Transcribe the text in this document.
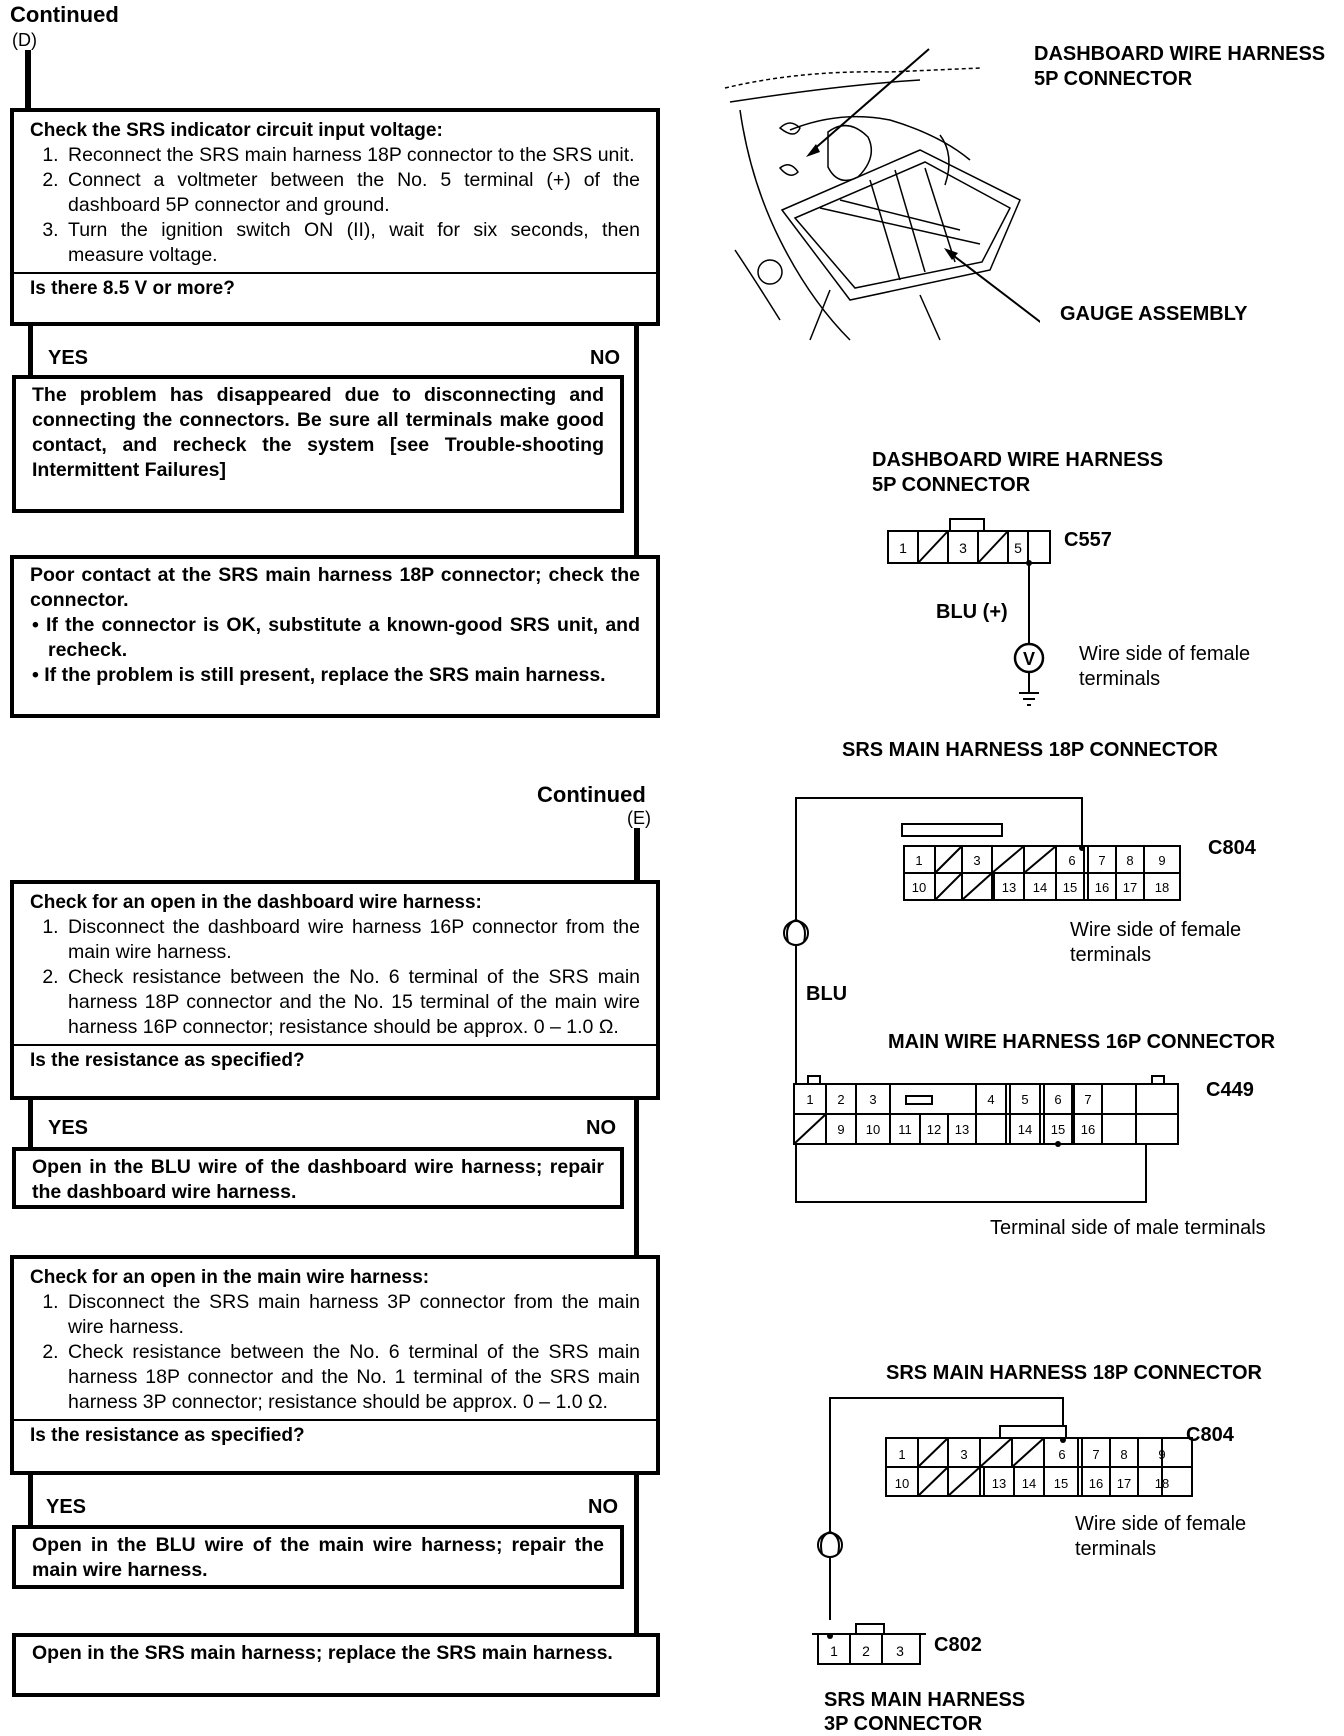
Continued
(D)
Check the SRS indicator circuit input voltage:
1. Reconnect the SRS main harness 18P connector to the SRS unit.
2. Connect a voltmeter between the No. 5 terminal (+) of the dashboard 5P connector and ground.
3. Turn the ignition switch ON (II), wait for six seconds, then measure voltage.
Is there 8.5 V or more?
YES	NO
The problem has disappeared due to disconnecting and connecting the connectors. Be sure all terminals make good contact, and recheck the system [see Trouble-shooting Intermittent Failures]
Poor contact at the SRS main harness 18P connector; check the connector.
• If the connector is OK, substitute a known-good SRS unit, and recheck.
• If the problem is still present, replace the SRS main harness.
Continued
(E)
Check for an open in the dashboard wire harness:
1. Disconnect the dashboard wire harness 16P connector from the main wire harness.
2. Check resistance between the No. 6 terminal of the SRS main harness 18P connector and the No. 15 terminal of the main wire harness 16P connector; resistance should be approx. 0 – 1.0 Ω.
Is the resistance as specified?
YES	NO
Open in the BLU wire of the dashboard wire harness; repair the dashboard wire harness.
Check for an open in the main wire harness:
1. Disconnect the SRS main harness 3P connector from the main wire harness.
2. Check resistance between the No. 6 terminal of the SRS main harness 18P connector and the No. 1 terminal of the SRS main harness 3P connector; resistance should be approx. 0 – 1.0 Ω.
Is the resistance as specified?
YES	NO
Open in the BLU wire of the main wire harness; repair the main wire harness.
Open in the SRS main harness; replace the SRS main harness.
DASHBOARD WIRE HARNESS
5P CONNECTOR
GAUGE ASSEMBLY
DASHBOARD WIRE HARNESS
5P CONNECTOR
1	3	5
V
C557
BLU (+)
Wire side of female
terminals
SRS MAIN HARNESS 18P CONNECTOR
1	3	6 7 8 9
10	13 14 15 16 17 18
1 2 3	4 5 6 7
9 10 11 12 13	14 15 16
C804
Wire side of female
terminals
BLU
MAIN WIRE HARNESS 16P CONNECTOR
C449
Terminal side of male terminals
SRS MAIN HARNESS 18P CONNECTOR
1	3	6 7 8 9
10	13 14 15 16 17 18
C804
Wire side of female
terminals
1 2 3 C802
SRS MAIN HARNESS
3P CONNECTOR
